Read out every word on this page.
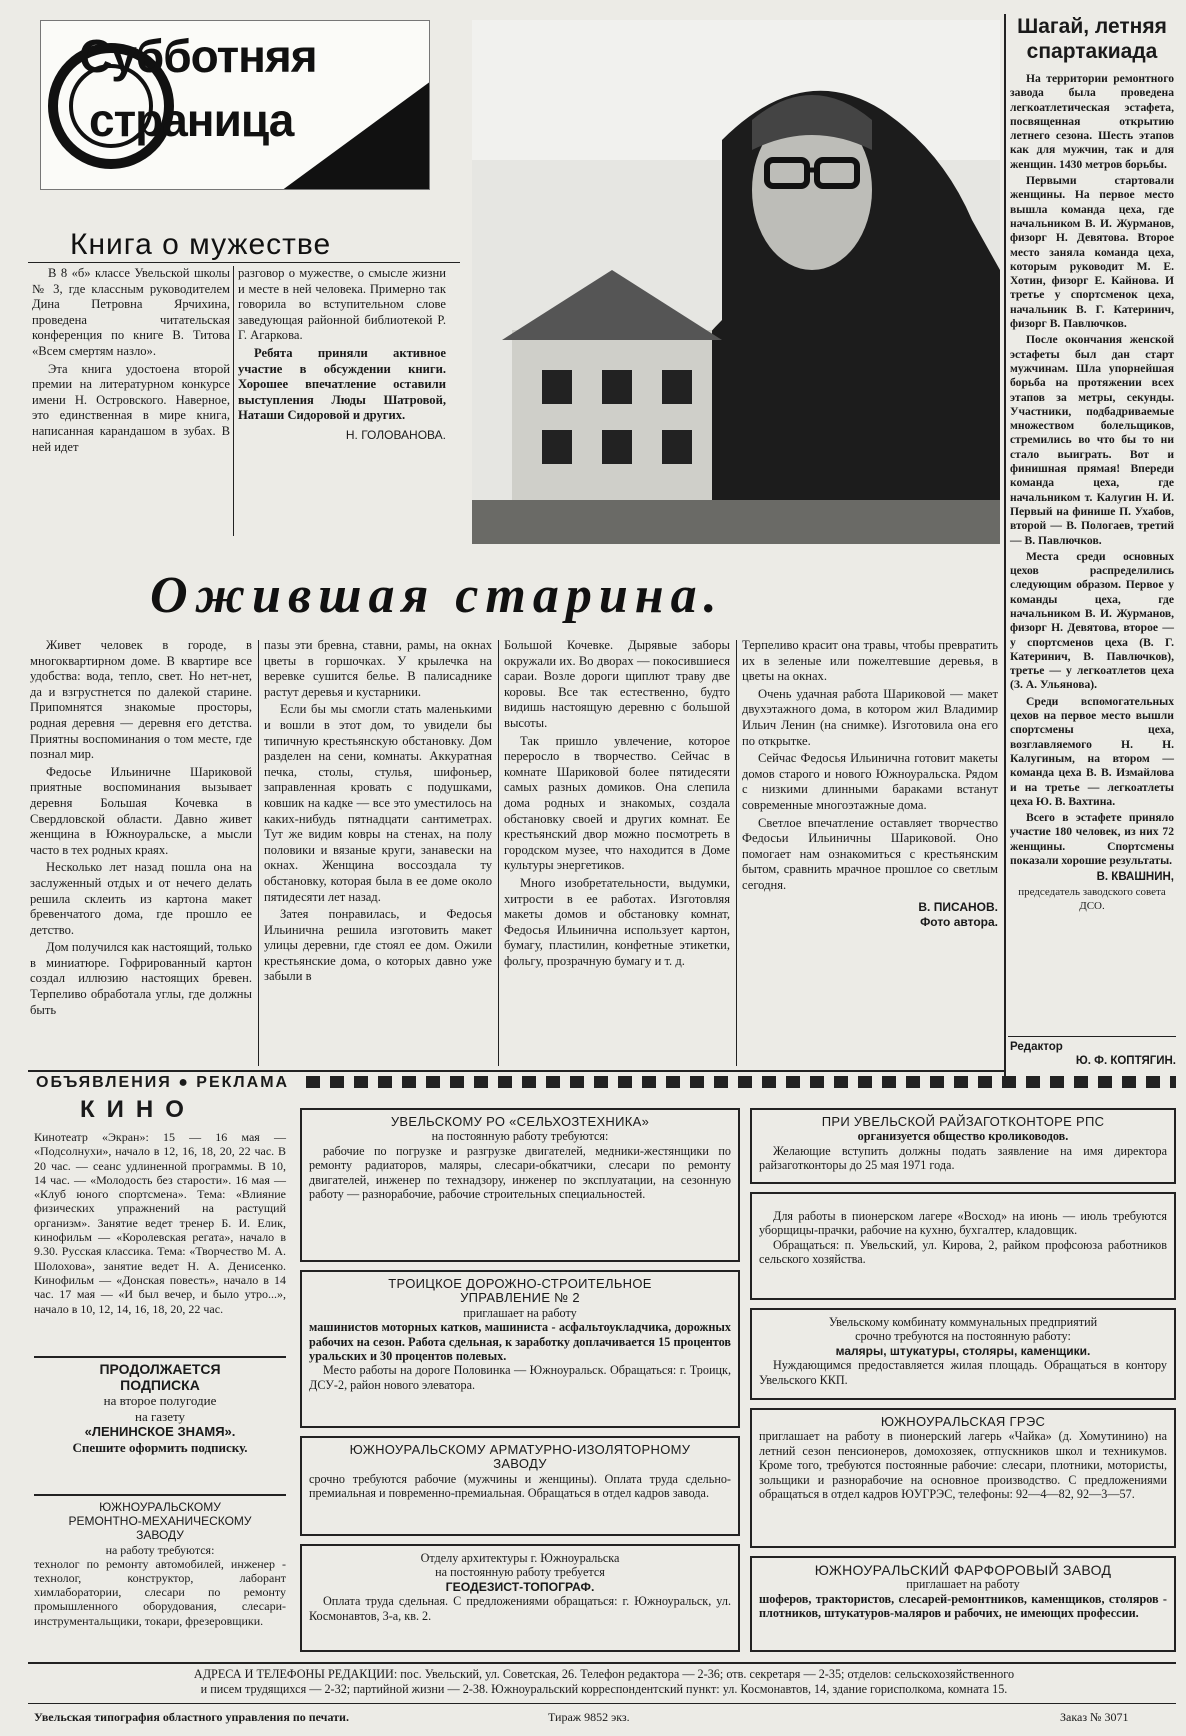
Субботняя
страница
Книга о мужестве

В 8 «б» классе Увельской школы № 3, где классным руководителем Дина Петровна Ярчихина, проведена читательская конференция по книге В. Титова «Всем смертям назло».

Эта книга удостоена второй премии на литературном конкурсе имени Н. Островского. Наверное, это единственная в мире книга, написанная карандашом в зубах. В ней идет

разговор о мужестве, о смысле жизни и месте в ней человека. Примерно так говорила во вступительном слове заведующая районной библиотекой Р. Г. Агаркова.

Ребята приняли активное участие в обсуждении книги. Хорошее впечатление оставили выступления Люды Шатровой, Наташи Сидоровой и других.

Н. ГОЛОВАНОВА.
Шагай, летняя
спартакиада

На территории ремонтного завода была проведена легкоатлетическая эстафета, посвященная открытию летнего сезона. Шесть этапов как для мужчин, так и для женщин. 1430 метров борьбы.

Первыми стартовали женщины. На первое место вышла команда цеха, где начальником В. И. Журманов, физорг Н. Девятова. Второе место заняла команда цеха, которым руководит М. Е. Хотин, физорг Е. Кайнова. И третье у спортсменок цеха, начальник В. Г. Катеринич, физорг В. Павлючков.

После окончания женской эстафеты был дан старт мужчинам. Шла упорнейшая борьба на протяжении всех этапов за метры, секунды. Участники, подбадриваемые множеством болельщиков, стремились во что бы то ни стало выиграть. Вот и финишная прямая! Впереди команда цеха, где начальником т. Калугин Н. И. Первый на финише П. Ухабов, второй — В. Пологаев, третий — В. Павлючков.

Места среди основных цехов распределились следующим образом. Первое у команды цеха, где начальником В. И. Журманов, физорг Н. Девятова, второе — у спортсменов цеха (В. Г. Катеринич, В. Павлючков), третье — у легкоатлетов цеха (З. А. Ульянова).

Среди вспомогательных цехов на первое место вышли спортсмены цеха, возглавляемого Н. Н. Калугиным, на втором — команда цеха В. В. Измайлова и на третье — легкоатлеты цеха Ю. В. Вахтина.

Всего в эстафете приняло участие 180 человек, из них 72 женщины. Спортсмены показали хорошие результаты.

В. КВАШНИН,
председатель заводского совета ДСО.
Редактор
Ю. Ф. КОПТЯГИН.
Ожившая старина.

Живет человек в городе, в многоквартирном доме. В квартире все удобства: вода, тепло, свет. Но нет-нет, да и взгрустнется по далекой старине. Припомнятся знакомые просторы, родная деревня — деревня его детства. Приятны воспоминания о том месте, где познал мир.

Федосье Ильиничне Шариковой приятные воспоминания вызывает деревня Большая Кочевка в Свердловской области. Давно живет женщина в Южноуральске, а мысли часто в тех родных краях.

Несколько лет назад пошла она на заслуженный отдых и от нечего делать решила склеить из картона макет бревенчатого дома, где прошло ее детство.

Дом получился как настоящий, только в миниатюре. Гофрированный картон создал иллюзию настоящих бревен. Терпеливо обработала углы, где должны быть

пазы эти бревна, ставни, рамы, на окнах цветы в горшочках. У крылечка на веревке сушится белье. В палисаднике растут деревья и кустарники.

Если бы мы смогли стать маленькими и вошли в этот дом, то увидели бы типичную крестьянскую обстановку. Дом разделен на сени, комнаты. Аккуратная печка, столы, стулья, шифоньер, заправленная кровать с подушками, ковшик на кадке — все это уместилось на каких-нибудь пятнадцати сантиметрах. Тут же видим ковры на стенах, на полу половики и вязаные круги, занавески на окнах. Женщина воссоздала ту обстановку, которая была в ее доме около пятидесяти лет назад.

Затея понравилась, и Федосья Ильинична решила изготовить макет улицы деревни, где стоял ее дом. Ожили крестьянские дома, о которых давно уже забыли в

Большой Кочевке. Дырявые заборы окружали их. Во дворах — покосившиеся сараи. Возле дороги щиплют траву две коровы. Все так естественно, будто видишь настоящую деревню с большой высоты.

Так пришло увлечение, которое переросло в творчество. Сейчас в комнате Шариковой более пятидесяти самых разных домиков. Она слепила дома родных и знакомых, создала обстановку своей и других комнат. Ее крестьянский двор можно посмотреть в городском музее, что находится в Доме культуры энергетиков.

Много изобретательности, выдумки, хитрости в ее работах. Изготовляя макеты домов и обстановку комнат, Федосья Ильинична использует картон, бумагу, пластилин, конфетные этикетки, фольгу, прозрачную бумагу и т. д.

Терпеливо красит она травы, чтобы превратить их в зеленые или пожелтевшие деревья, в цветы на окнах.

Очень удачная работа Шариковой — макет двухэтажного дома, в котором жил Владимир Ильич Ленин (на снимке). Изготовила она его по открытке.

Сейчас Федосья Ильинична готовит макеты домов старого и нового Южноуральска. Рядом с низкими длинными бараками встанут современные многоэтажные дома.

Светлое впечатление оставляет творчество Федосьи Ильиничны Шариковой. Оно помогает нам ознакомиться с крестьянским бытом, сравнить мрачное прошлое со светлым сегодня.

В. ПИСАНОВ.
Фото автора.
ОБЪЯВЛЕНИЯ ● РЕКЛАМА
КИНО
Кинотеатр «Экран»: 15 — 16 мая — «Подсолнухи», начало в 12, 16, 18, 20, 22 час. В 20 час. — сеанс удлиненной программы. В 10, 14 час. — «Молодость без старости». 16 мая — «Клуб юного спортсмена». Тема: «Влияние физических упражнений на растущий организм». Занятие ведет тренер Б. И. Елик, кинофильм — «Королевская регата», начало в 9.30. Русская классика. Тема: «Творчество М. А. Шолохова», занятие ведет Н. А. Денисенко. Кинофильм — «Донская повесть», начало в 14 час. 17 мая — «И был вечер, и было утро...», начало в 10, 12, 14, 16, 18, 20, 22 час.
ПРОДОЛЖАЕТСЯ
ПОДПИСКА
на второе полугодие
на газету
«ЛЕНИНСКОЕ ЗНАМЯ».
Спешите оформить подписку.
ЮЖНОУРАЛЬСКОМУ
РЕМОНТНО-МЕХАНИЧЕСКОМУ
ЗАВОДУ
на работу требуются:
технолог по ремонту автомобилей, инженер - технолог, конструктор, лаборант химлаборатории, слесари по ремонту промышленного оборудования, слесари-инструментальщики, токари, фрезеровщики.
УВЕЛЬСКОМУ РО «СЕЛЬХОЗТЕХНИКА»
на постоянную работу требуются:

рабочие по погрузке и разгрузке двигателей, медники-жестянщики по ремонту радиаторов, маляры, слесари-обкатчики, слесари по ремонту двигателей, инженер по технадзору, инженер по эксплуатации, на сезонную работу — разнорабочие, рабочие строительных специальностей.

ТРОИЦКОЕ ДОРОЖНО-СТРОИТЕЛЬНОЕ
УПРАВЛЕНИЕ № 2
приглашает на работу

машинистов моторных катков, машиниста - асфальтоукладчика, дорожных рабочих на сезон. Работа сдельная, к заработку доплачивается 15 процентов уральских и 30 процентов полевых.

Место работы на дороге Половинка — Южноуральск. Обращаться: г. Троицк, ДСУ-2, район нового элеватора.

ЮЖНОУРАЛЬСКОМУ АРМАТУРНО-ИЗОЛЯТОРНОМУ
ЗАВОДУ

срочно требуются рабочие (мужчины и женщины). Оплата труда сдельно-премиальная и повременно-премиальная. Обращаться в отдел кадров завода.

Отделу архитектуры г. Южноуральска
на постоянную работу требуется
ГЕОДЕЗИСТ-ТОПОГРАФ.

Оплата труда сдельная. С предложениями обращаться: г. Южноуральск, ул. Космонавтов, 3-а, кв. 2.

ПРИ УВЕЛЬСКОЙ РАЙЗАГОТКОНТОРЕ РПС
организуется общество кролиководов.

Желающие вступить должны подать заявление на имя директора райзаготконторы до 25 мая 1971 года.

Для работы в пионерском лагере «Восход» на июнь — июль требуются уборщицы-прачки, рабочие на кухню, бухгалтер, кладовщик.

Обращаться: п. Увельский, ул. Кирова, 2, райком профсоюза работников сельского хозяйства.

Увельскому комбинату коммунальных предприятий
срочно требуются на постоянную работу:
маляры, штукатуры, столяры, каменщики.

Нуждающимся предоставляется жилая площадь. Обращаться в контору Увельского ККП.

ЮЖНОУРАЛЬСКАЯ ГРЭС

приглашает на работу в пионерский лагерь «Чайка» (д. Хомутинино) на летний сезон пенсионеров, домохозяек, отпускников школ и техникумов. Кроме того, требуются постоянные рабочие: слесари, плотники, мотористы, зольщики и разнорабочие на основное производство. С предложениями обращаться в отдел кадров ЮУГРЭС, телефоны: 92—4—82, 92—3—57.

ЮЖНОУРАЛЬСКИЙ ФАРФОРОВЫЙ ЗАВОД
приглашает на работу

шоферов, трактористов, слесарей-ремонтников, каменщиков, столяров - плотников, штукатуров-маляров и рабочих, не имеющих профессии.

АДРЕСА И ТЕЛЕФОНЫ РЕДАКЦИИ: пос. Увельский, ул. Советская, 26. Телефон редактора — 2-36; отв. секретаря — 2-35; отделов: сельскохозяйственного
и писем трудящихся — 2-32; партийной жизни — 2-38. Южноуральский корреспондентский пункт: ул. Космонавтов, 14, здание горисполкома, комната 15.
Увельская типография областного управления по печати.	Тираж 9852 экз.	Заказ № 3071
